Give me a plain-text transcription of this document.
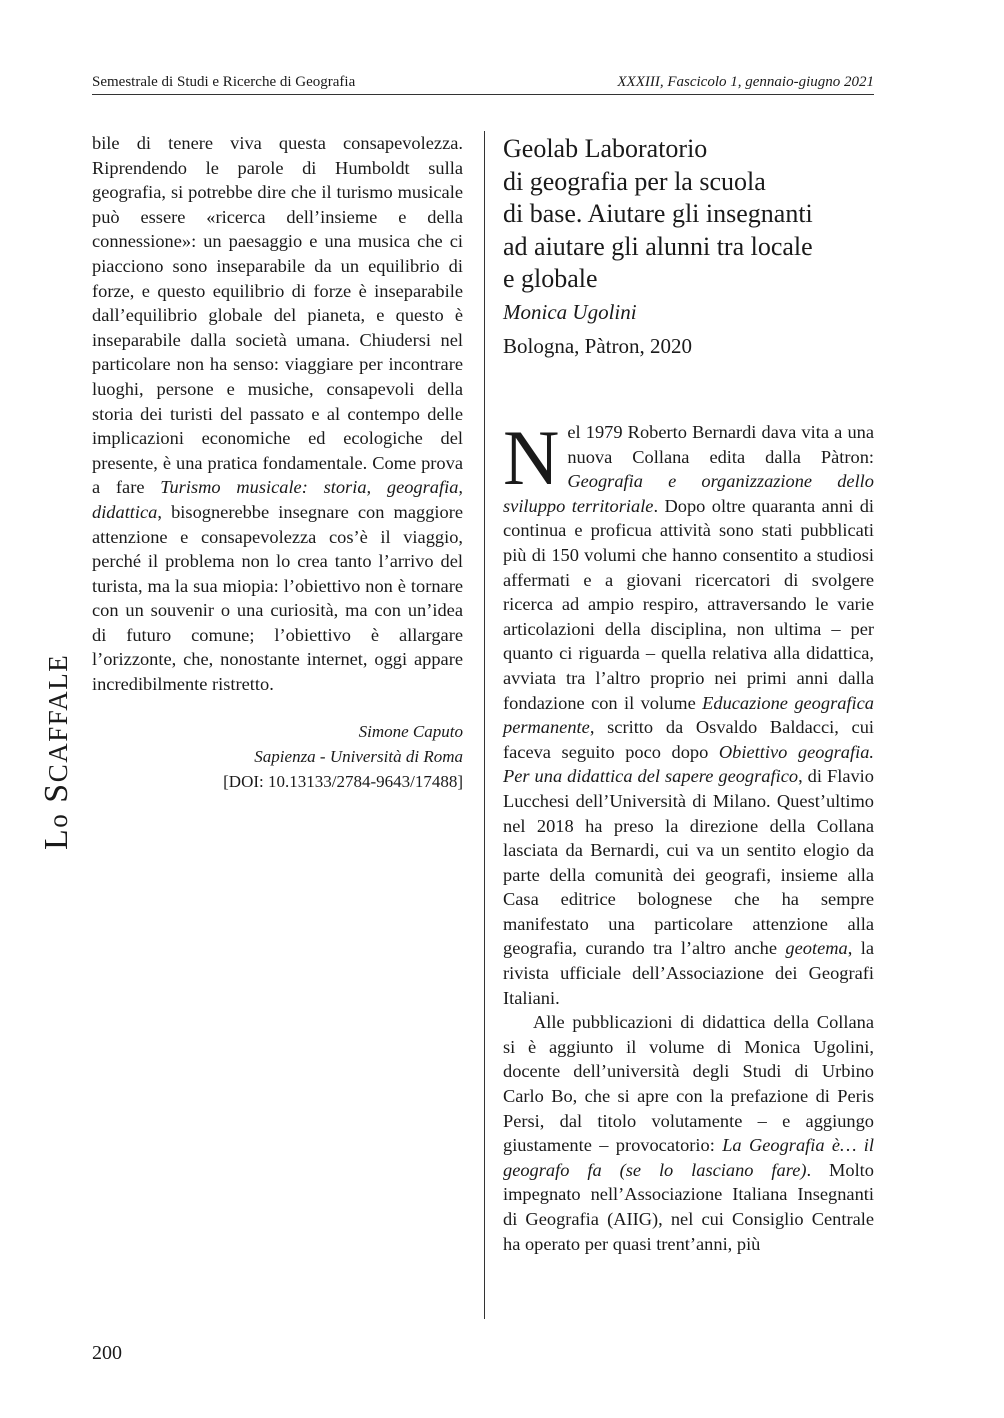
Semestrale di Studi e Ricerche di Geografia	XXXIII, Fascicolo 1, gennaio-giugno 2021
Lo SCAFFALE

bile di tenere viva questa consapevolezza. Riprendendo le parole di Humboldt sulla geografia, si potrebbe dire che il turismo musicale può essere «ricerca dell’insieme e della connessione»: un paesaggio e una musica che ci piacciono sono inseparabile da un equilibrio di forze, e questo equilibrio di forze è inseparabile dall’equilibrio globale del pianeta, e questo è inseparabile dalla società umana. Chiudersi nel particolare non ha senso: viaggiare per incontrare luoghi, persone e musiche, consapevoli della storia dei turisti del passato e al contempo delle implicazioni economiche ed ecologiche del presente, è una pratica fondamentale. Come prova a fare Turismo musicale: storia, geografia, didattica, bisognerebbe insegnare con maggiore attenzione e consapevolezza cos’è il viaggio, perché il problema non lo crea tanto l’arrivo del turista, ma la sua miopia: l’obiettivo non è tornare con un souvenir o una curiosità, ma con un’idea di futuro comune; l’obiettivo è allargare l’orizzonte, che, nonostante internet, oggi appare incredibilmente ristretto.

Simone Caputo
Sapienza - Università di Roma
[DOI: 10.13133/2784-9643/17488]
Geolab Laboratorio
di geografia per la scuola
di base. Aiutare gli insegnanti
ad aiutare gli alunni tra locale
e globale
Monica Ugolini
Bologna, Pàtron, 2020

Nel 1979 Roberto Bernardi dava vita a una nuova Collana edita dalla Pàtron: Geografia e organizzazione dello sviluppo territoriale. Dopo oltre quaranta anni di continua e proficua attività sono stati pubblicati più di 150 volumi che hanno consentito a studiosi affermati e a giovani ricercatori di svolgere ricerca ad ampio respiro, attraversando le varie articolazioni della disciplina, non ultima – per quanto ci riguarda – quella relativa alla didattica, avviata tra l’altro proprio nei primi anni dalla fondazione con il volume Educazione geografica permanente, scritto da Osvaldo Baldacci, cui faceva seguito poco dopo Obiettivo geografia. Per una didattica del sapere geografico, di Flavio Lucchesi dell’Università di Milano. Quest’ultimo nel 2018 ha preso la direzione della Collana lasciata da Bernardi, cui va un sentito elogio da parte della comunità dei geografi, insieme alla Casa editrice bolognese che ha sempre manifestato una particolare attenzione alla geografia, curando tra l’altro anche geotema, la rivista ufficiale dell’Associazione dei Geografi Italiani.

Alle pubblicazioni di didattica della Collana si è aggiunto il volume di Monica Ugolini, docente dell’università degli Studi di Urbino Carlo Bo, che si apre con la prefazione di Peris Persi, dal titolo volutamente – e aggiungo giustamente – provocatorio: La Geografia è… il geografo fa (se lo lasciano fare). Molto impegnato nell’Associazione Italiana Insegnanti di Geografia (AIIG), nel cui Consiglio Centrale ha operato per quasi trent’anni, più

200
